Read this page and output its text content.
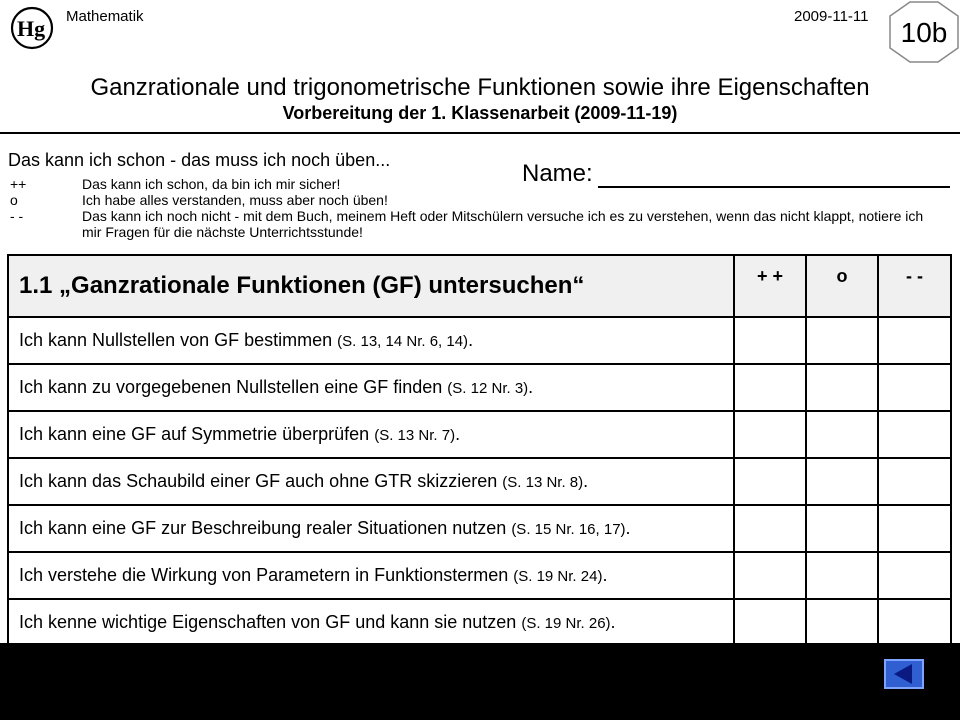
Hg Mathematik	2009-11-11
10b
Ganzrationale und trigonometrische Funktionen sowie ihre Eigenschaften
Vorbereitung der 1. Klassenarbeit (2009-11-19)
Das kann ich schon - das muss ich noch üben...
++	Das kann ich schon, da bin ich mir sicher!
o	Ich habe alles verstanden, muss aber noch üben!
- -	Das kann ich noch nicht - mit dem Buch, meinem Heft oder Mitschülern versuche ich es zu verstehen, wenn das nicht klappt, notiere ich mir Fragen für die nächste Unterrichtsstunde!
Name:
1.1 „Ganzrationale Funktionen (GF) untersuchen“	+ +	o	- -
Ich kann Nullstellen von GF bestimmen (S. 13, 14 Nr. 6, 14).			
Ich kann zu vorgegebenen Nullstellen eine GF finden (S. 12 Nr. 3).			
Ich kann eine GF auf Symmetrie überprüfen (S. 13 Nr. 7).			
Ich kann das Schaubild einer GF auch ohne GTR skizzieren (S. 13 Nr. 8).			
Ich kann eine GF zur Beschreibung realer Situationen nutzen (S. 15 Nr. 16, 17).			
Ich verstehe die Wirkung von Parametern in Funktionstermen (S. 19 Nr. 24).			
Ich kenne wichtige Eigenschaften von GF und kann sie nutzen (S. 19 Nr. 26).			
